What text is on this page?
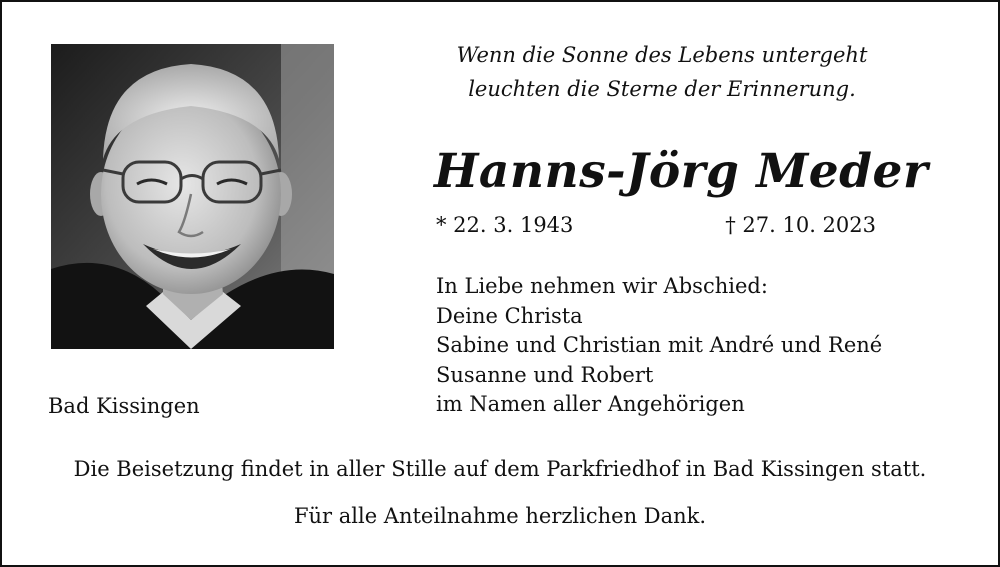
Wenn die Sonne des Lebens untergeht
leuchten die Sterne der Erinnerung.
Hanns-Jörg Meder
* 22. 3. 1943	† 27. 10. 2023
In Liebe nehmen wir Abschied:
Deine Christa
Sabine und Christian mit André und René
Susanne und Robert
im Namen aller Angehörigen
Bad Kissingen
Die Beisetzung findet in aller Stille auf dem Parkfriedhof in Bad Kissingen statt.
Für alle Anteilnahme herzlichen Dank.
